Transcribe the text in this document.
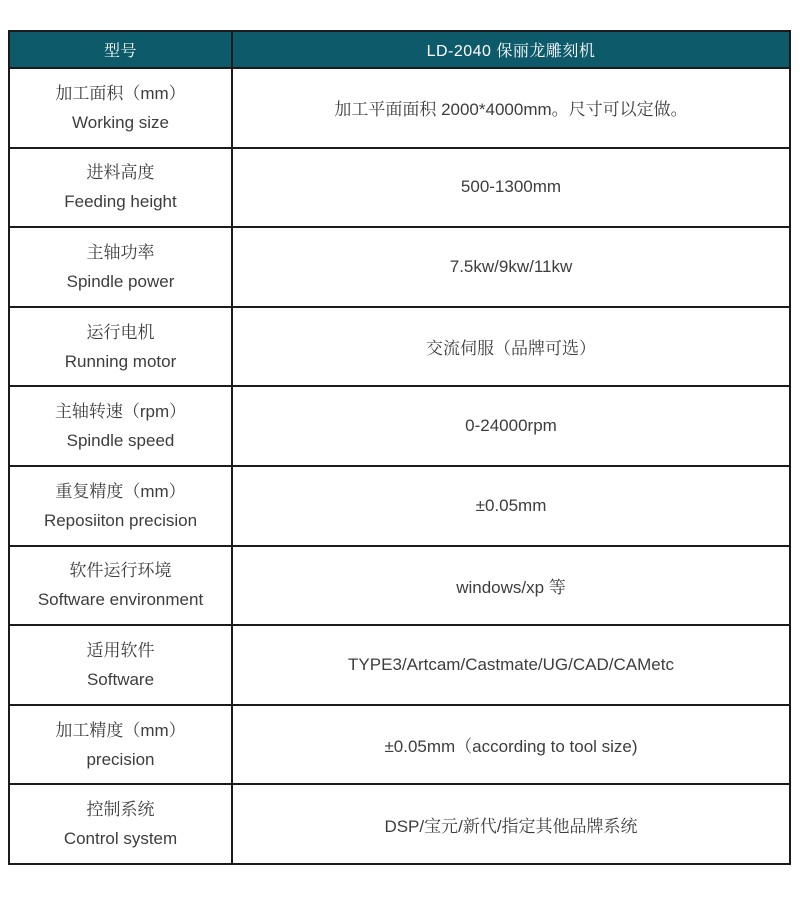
型号	LD-2040 保丽龙雕刻机
加工面积（mm）
Working size
加工平面面积 2000*4000mm。尺寸可以定做。
进料高度
Feeding height
500-1300mm
主轴功率
Spindle power
7.5kw/9kw/11kw
运行电机
Running motor
交流伺服（品牌可选）
主轴转速（rpm）
Spindle speed
0-24000rpm
重复精度（mm）
Reposiiton precision
±0.05mm
软件运行环境
Software environment
windows/xp 等
适用软件
Software
TYPE3/Artcam/Castmate/UG/CAD/CAMetc
加工精度（mm）
precision
±0.05mm（according to tool size)
控制系统
Control system
DSP/宝元/新代/指定其他品牌系统
